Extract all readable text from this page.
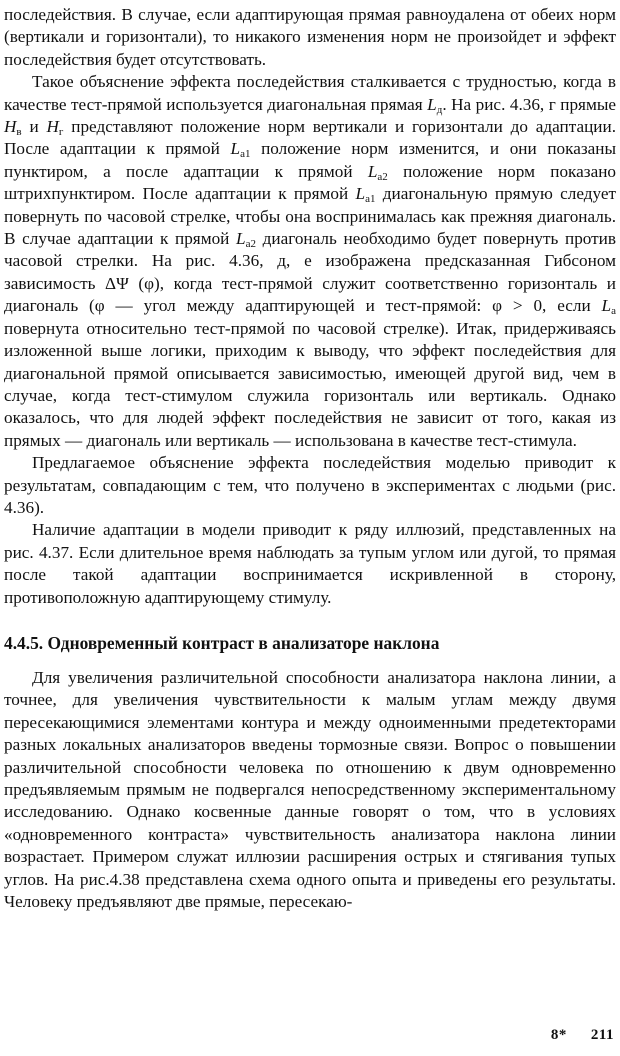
последействия. В случае, если адаптирующая прямая равноудалена от обеих норм (вертикали и горизонтали), то никакого изменения норм не произойдет и эффект последействия будет отсутствовать.

Такое объяснение эффекта последействия сталкивается с трудностью, когда в качестве тест-прямой используется диагональная прямая $L_д$. На рис. 4.36, г прямые $H_в$ и $H_г$ представляют положение норм вертикали и горизонтали до адаптации. После адаптации к прямой $L_{а1}$ положение норм изменится, и они показаны пунктиром, а после адаптации к прямой $L_{а2}$ положение норм показано штрихпунктиром. После адаптации к прямой $L_{а1}$ диагональную прямую следует повернуть по часовой стрелке, чтобы она воспринималась как прежняя диагональ. В случае адаптации к прямой $L_{а2}$ диагональ необходимо будет повернуть против часовой стрелки. На рис. 4.36, д, е изображена предсказанная Гибсоном зависимость ΔΨ (φ), когда тест-прямой служит соответственно горизонталь и диагональ (φ — угол между адаптирующей и тест-прямой: φ > 0, если $L_а$ повернута относительно тест-прямой по часовой стрелке). Итак, придерживаясь изложенной выше логики, приходим к выводу, что эффект последействия для диагональной прямой описывается зависимостью, имеющей другой вид, чем в случае, когда тест-стимулом служила горизонталь или вертикаль. Однако оказалось, что для людей эффект последействия не зависит от того, какая из прямых — диагональ или вертикаль — использована в качестве тест-стимула.

Предлагаемое объяснение эффекта последействия моделью приводит к результатам, совпадающим с тем, что получено в экспериментах с людьми (рис. 4.36).

Наличие адаптации в модели приводит к ряду иллюзий, представленных на рис. 4.37. Если длительное время наблюдать за тупым углом или дугой, то прямая после такой адаптации воспринимается искривленной в сторону, противоположную адаптирующему стимулу.

4.4.5. Одновременный контраст в анализаторе наклона

Для увеличения различительной способности анализатора наклона линии, а точнее, для увеличения чувствительности к малым углам между двумя пересекающимися элементами контура и между одноименными предетекторами разных локальных анализаторов введены тормозные связи. Вопрос о повышении различительной способности человека по отношению к двум одновременно предъявляемым прямым не подвергался непосредственному экспериментальному исследованию. Однако косвенные данные говорят о том, что в условиях «одновременного контраста» чувствительность анализатора наклона линии возрастает. Примером служат иллюзии расширения острых и стягивания тупых углов. На рис.4.38 представлена схема одного опыта и приведены его результаты. Человеку предъявляют две прямые, пересекаю-

8* 211
